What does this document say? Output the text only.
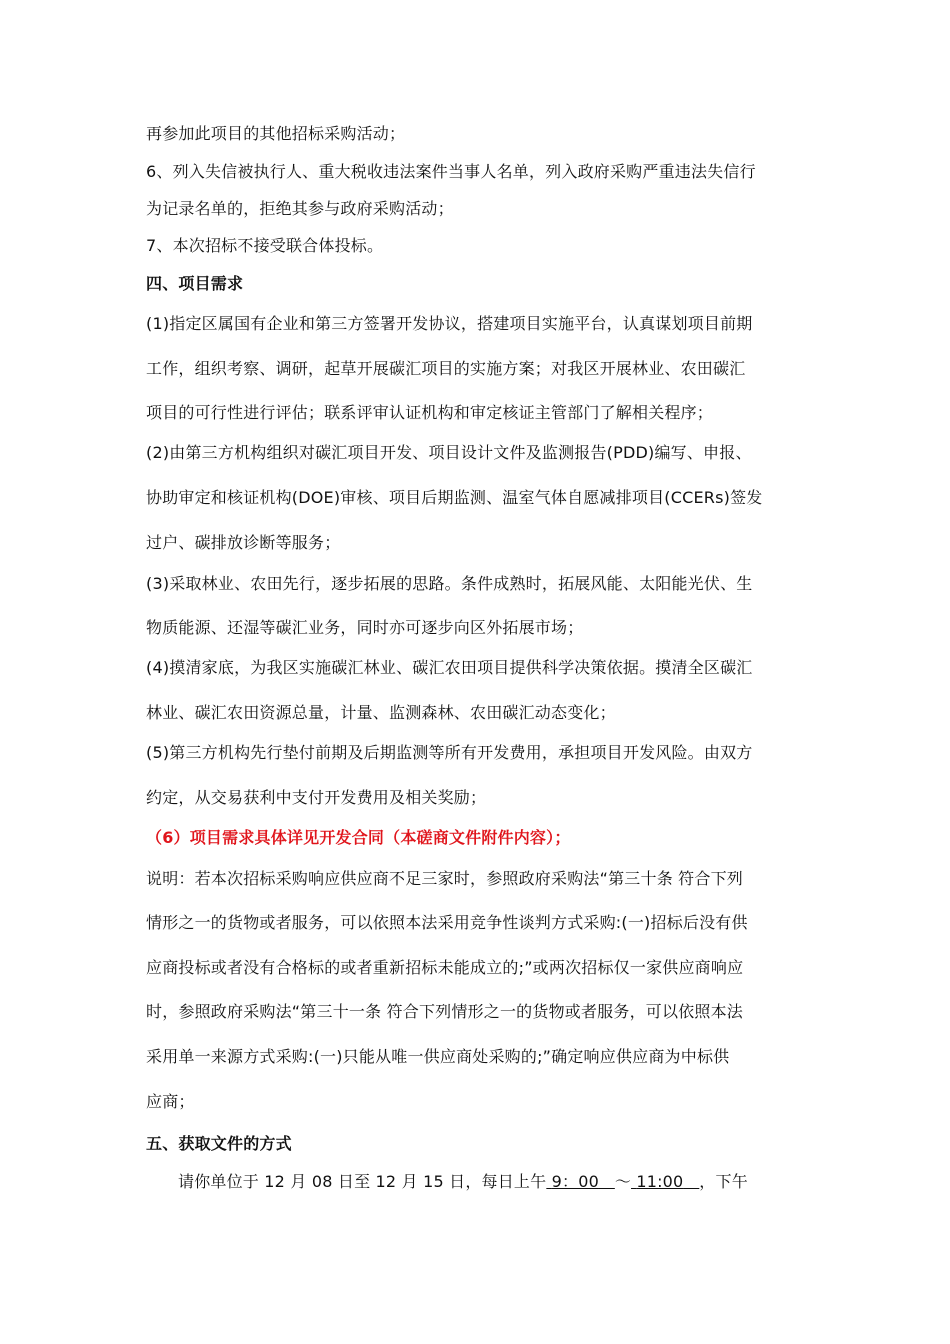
再参加此项目的其他招标采购活动；
6、列入失信被执行人、重大税收违法案件当事人名单，列入政府采购严重违法失信行
为记录名单的，拒绝其参与政府采购活动；
7、本次招标不接受联合体投标。
四、项目需求
(1)指定区属国有企业和第三方签署开发协议，搭建项目实施平台，认真谋划项目前期
工作，组织考察、调研，起草开展碳汇项目的实施方案；对我区开展林业、农田碳汇
项目的可行性进行评估；联系评审认证机构和审定核证主管部门了解相关程序；
(2)由第三方机构组织对碳汇项目开发、项目设计文件及监测报告(PDD)编写、申报、
协助审定和核证机构(DOE)审核、项目后期监测、温室气体自愿减排项目(CCERs)签发
过户、碳排放诊断等服务；
(3)采取林业、农田先行，逐步拓展的思路。条件成熟时，拓展风能、太阳能光伏、生
物质能源、还湿等碳汇业务，同时亦可逐步向区外拓展市场；
(4)摸清家底，为我区实施碳汇林业、碳汇农田项目提供科学决策依据。摸清全区碳汇
林业、碳汇农田资源总量，计量、监测森林、农田碳汇动态变化；
(5)第三方机构先行垫付前期及后期监测等所有开发费用，承担项目开发风险。由双方
约定，从交易获利中支付开发费用及相关奖励；
（6）项目需求具体详见开发合同（本磋商文件附件内容）；
说明：若本次招标采购响应供应商不足三家时，参照政府采购法“第三十条 符合下列
情形之一的货物或者服务，可以依照本法采用竞争性谈判方式采购:(一)招标后没有供
应商投标或者没有合格标的或者重新招标未能成立的;”或两次招标仅一家供应商响应
时，参照政府采购法“第三十一条 符合下列情形之一的货物或者服务，可以依照本法
采用单一来源方式采购:(一)只能从唯一供应商处采购的;”确定响应供应商为中标供
应商；
五、获取文件的方式
请你单位于 12 月 08 日至 12 月 15 日，每日上午 9：00 ～ 11:00 ，下午
